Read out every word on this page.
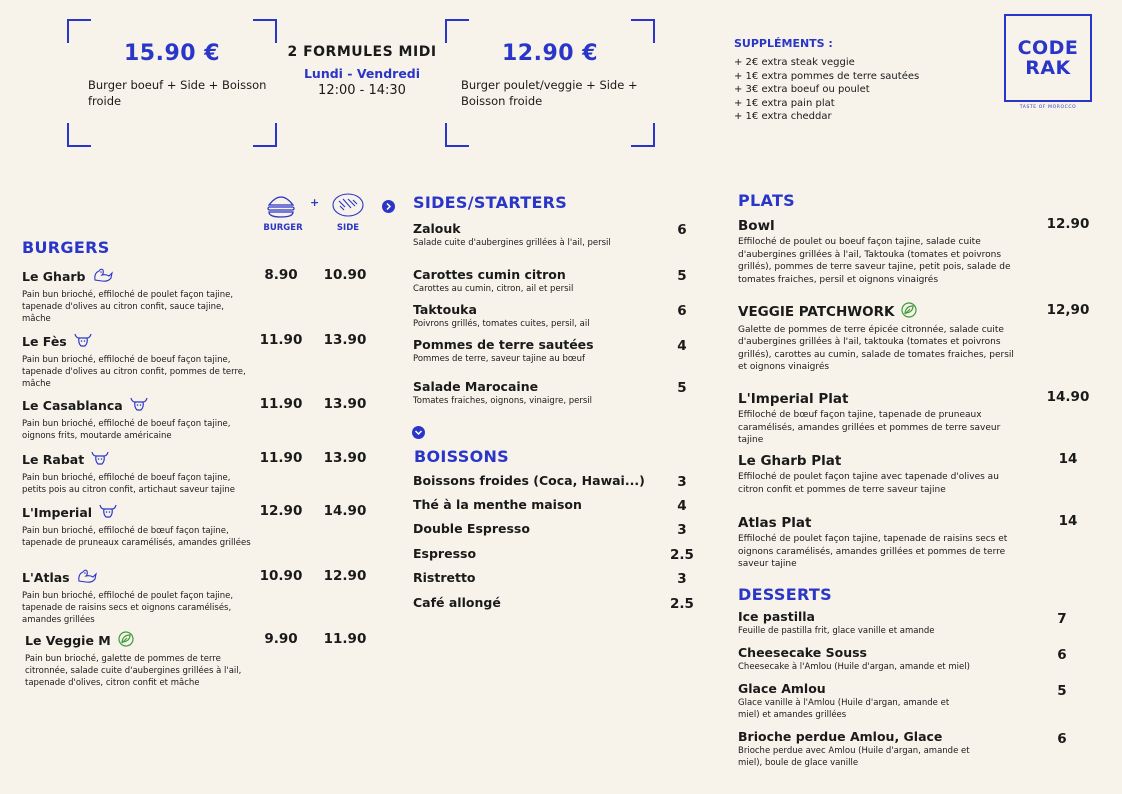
15.90 €
Burger boeuf + Side + Boisson froide
2 FORMULES MIDI
Lundi - Vendredi
12:00 - 14:30
12.90 €
Burger poulet/veggie + Side + Boisson froide
SUPPLÉMENTS :
+ 2€ extra steak veggie
+ 1€ extra pommes de terre sautées
+ 3€ extra boeuf ou poulet
+ 1€ extra pain plat
+ 1€ extra cheddar
CODE
RAK
TASTE OF MOROCCO
+
BURGER	SIDE
BURGERS
Le Gharb
Pain bun brioché, effiloché de poulet façon tajine, tapenade d'olives au citron confit, sauce tajine, mâche
8.90	10.90
Le Fès
Pain bun brioché, effiloché de boeuf façon tajine, tapenade d'olives au citron confit, pommes de terre, mâche
11.90 13.90
Le Casablanca
Pain bun brioché, effiloché de boeuf façon tajine, oignons frits, moutarde américaine
11.90 13.90
Le Rabat
Pain bun brioché, effiloché de boeuf façon tajine, petits pois au citron confit, artichaut saveur tajine
11.90 13.90
L'Imperial
Pain bun brioché, effiloché de bœuf façon tajine, tapenade de pruneaux caramélisés, amandes grillées
12.90 14.90
L'Atlas
Pain bun brioché, effiloché de poulet façon tajine, tapenade de raisins secs et oignons caramélisés, amandes grillées
10.90 12.90
Le Veggie M
Pain bun brioché, galette de pommes de terre citronnée, salade cuite d'aubergines grillées à l'ail, tapenade d'olives, citron confit et mâche
9.90	11.90
SIDES/STARTERS
Zalouk
Salade cuite d'aubergines grillées à l'ail, persil
6
Carottes cumin citron
Carottes au cumin, citron, ail et persil
5
Taktouka
Poivrons grillés, tomates cuites, persil, ail
6
Pommes de terre sautées
Pommes de terre, saveur tajine au bœuf
4
Salade Marocaine
Tomates fraiches, oignons, vinaigre, persil
5
BOISSONS
Boissons froides (Coca, Hawai...)	3
Thé à la menthe maison	4
Double Espresso	3
Espresso	2.5
Ristretto	3
Café allongé	2.5
PLATS
Bowl
Effiloché de poulet ou boeuf façon tajine, salade cuite d'aubergines grillées à l'ail, Taktouka (tomates et poivrons grillés), pommes de terre saveur tajine, petit pois, salade de tomates fraiches, persil et oignons vinaigrés
12.90
VEGGIE PATCHWORK
Galette de pommes de terre épicée citronnée, salade cuite d'aubergines grillées à l'ail, taktouka (tomates et poivrons grillés), carottes au cumin, salade de tomates fraiches, persil et oignons vinaigrés
12,90
L'Imperial Plat
Effiloché de bœuf façon tajine, tapenade de pruneaux caramélisés, amandes grillées et pommes de terre saveur tajine
14.90
Le Gharb Plat
Effiloché de poulet façon tajine avec tapenade d'olives au citron confit et pommes de terre saveur tajine
14
Atlas Plat
Effiloché de poulet façon tajine, tapenade de raisins secs et oignons caramélisés, amandes grillées et pommes de terre saveur tajine
14
DESSERTS
Ice pastilla
Feuille de pastilla frit, glace vanille et amande
7
Cheesecake Souss
Cheesecake à l'Amlou (Huile d'argan, amande et miel)
6
Glace Amlou
Glace vanille à l'Amlou (Huile d'argan, amande et miel) et amandes grillées
5
Brioche perdue Amlou, Glace
Brioche perdue avec Amlou (Huile d'argan, amande et miel), boule de glace vanille
6
